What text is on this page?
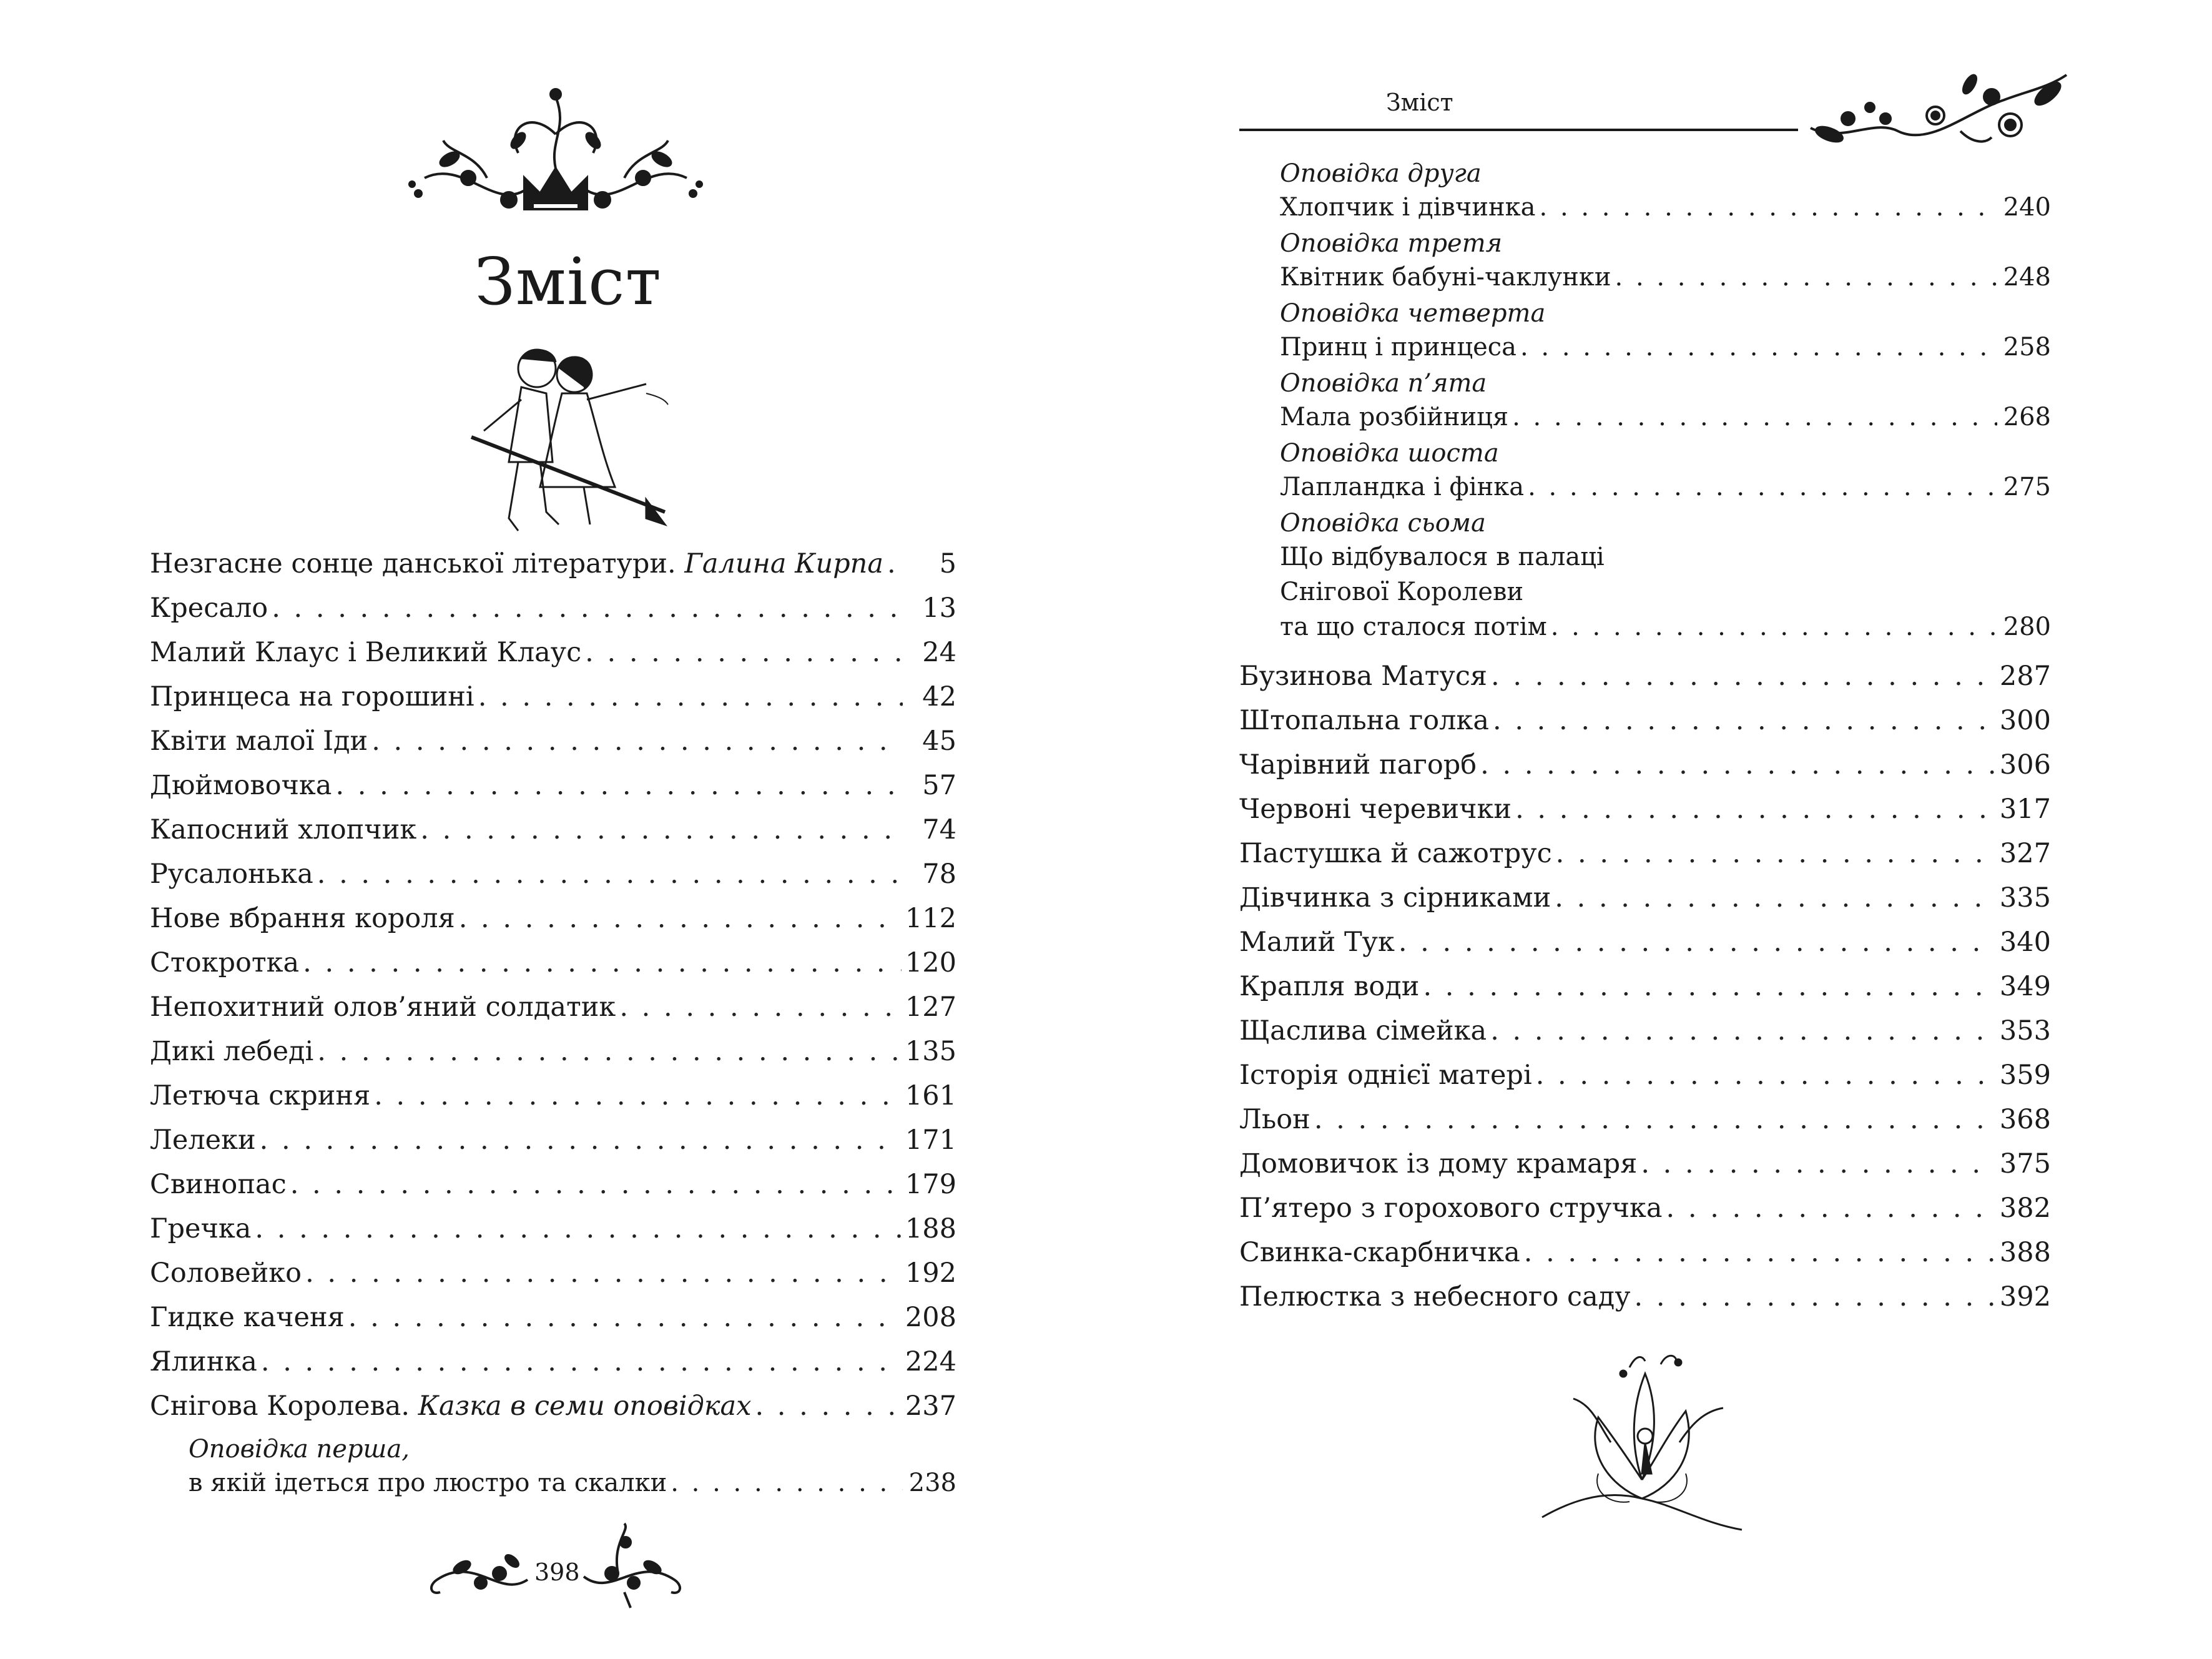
Зміст
Незгасне сонце данської літератури. Галина Кирпа . . .	5
Кресало . . .	13
Малий Клаус і Великий Клаус . . .	24
Принцеса на горошині . . .	42
Квіти малої Іди . . .	45
Дюймовочка . . .	57
Капосний хлопчик . . .	74
Русалонька . . .	78
Нове вбрання короля . . .	112
Стокротка . . .	120
Непохитний олов’яний солдатик . . .	127
Дикі лебеді . . .	135
Летюча скриня . . .	161
Лелеки . . .	171
Свинопас . . .	179
Гречка . . .	188
Соловейко . . .	192
Гидке каченя . . .	208
Ялинка . . .	224
Снігова Королева. Казка в семи оповідках . . .	237
Оповідка перша,
в якій ідеться про люстро та скалки . . .	238
398
Зміст
Оповідка друга
Хлопчик і дівчинка . . .	240
Оповідка третя
Квітник бабуні-чаклунки . . .	248
Оповідка четверта
Принц і принцеса . . .	258
Оповідка п’ята
Мала розбійниця . . .	268
Оповідка шоста
Лапландка і фінка . . .	275
Оповідка сьома
Що відбувалося в палаці
Снігової Королеви
та що сталося потім . . .	280
Бузинова Матуся . . .	287
Штопальна голка . . .	300
Чарівний пагорб . . .	306
Червоні черевички . . .	317
Пастушка й сажотрус . . .	327
Дівчинка з сірниками . . .	335
Малий Тук . . .	340
Крапля води . . .	349
Щаслива сімейка . . .	353
Історія однієї матері . . .	359
Льон . . .	368
Домовичок із дому крамаря . . .	375
П’ятеро з горохового стручка . . .	382
Свинка-скарбничка . . .	388
Пелюстка з небесного саду . . .	392
